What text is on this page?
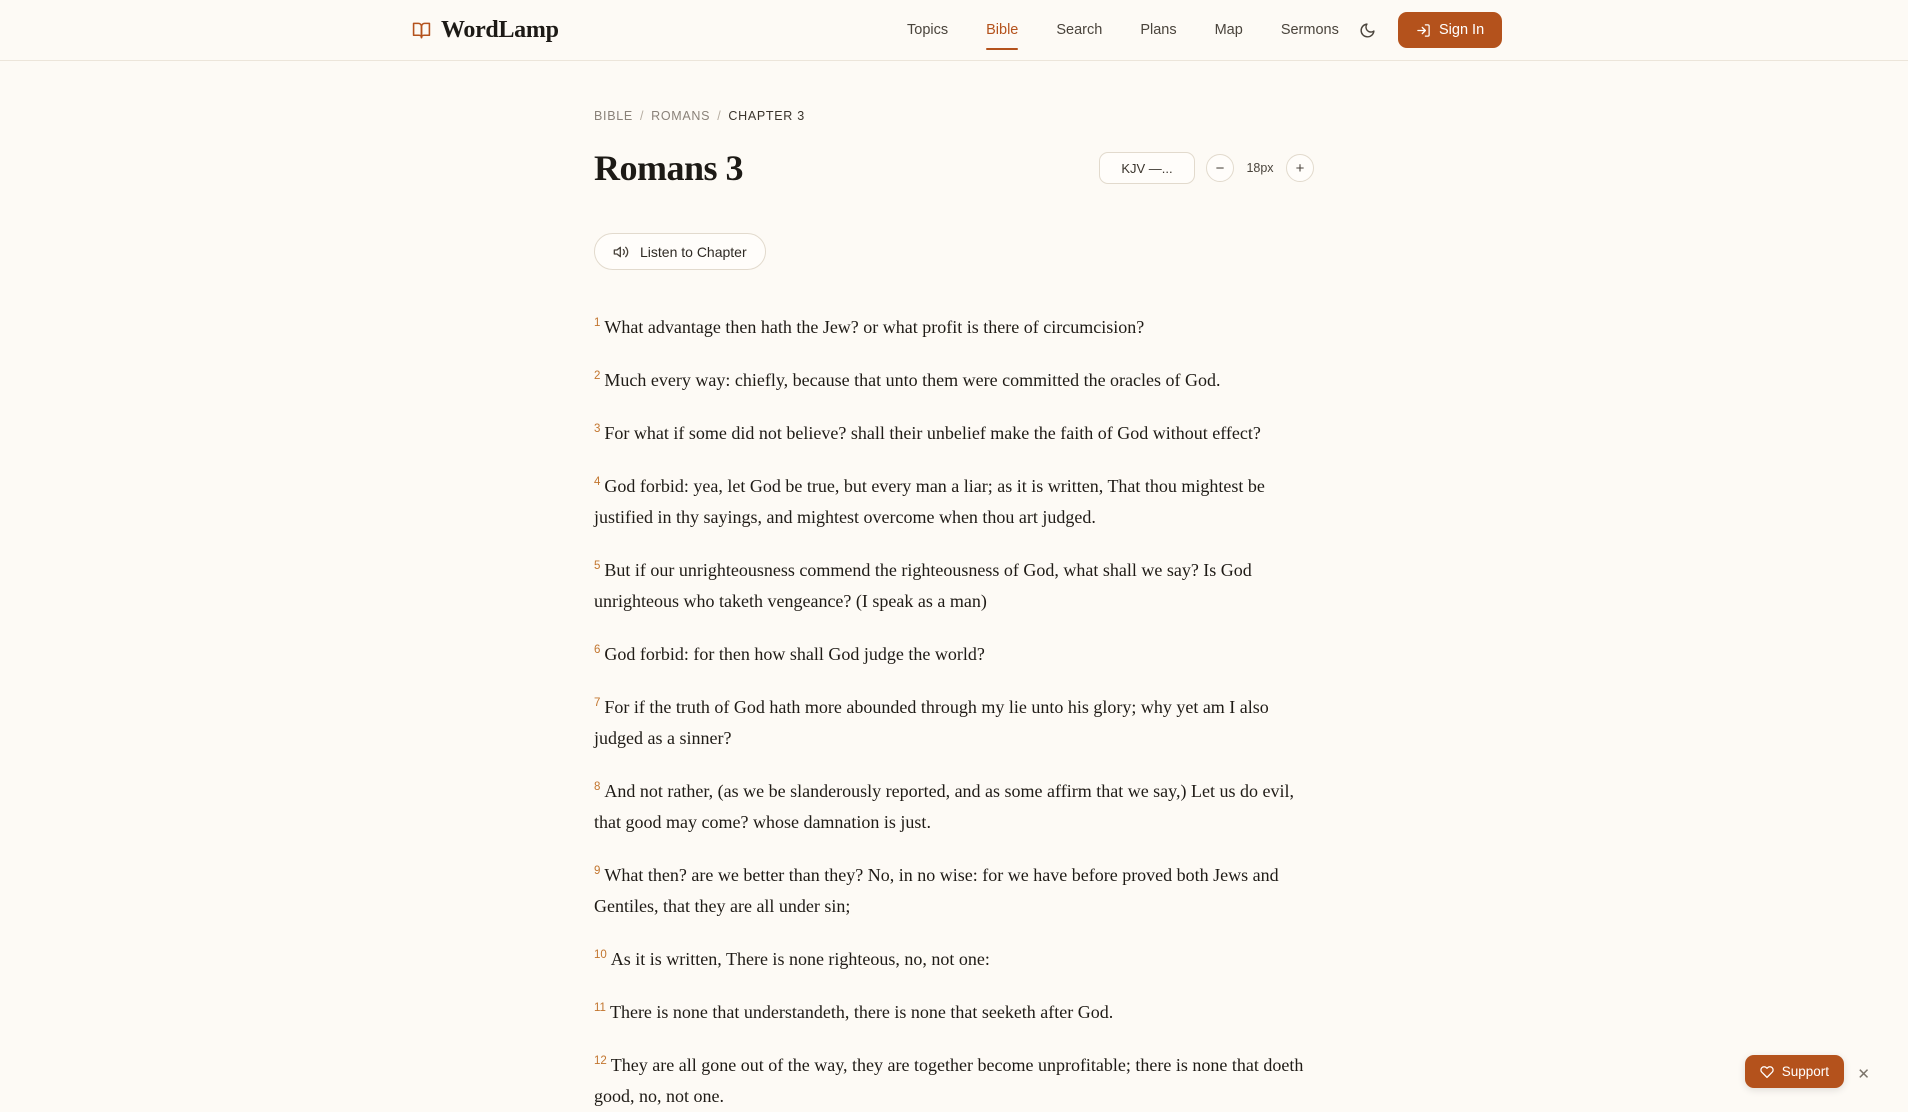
WordLamp	Topics	Bible	Search	Plans	Map	Sermons	Sign In
BIBLE / ROMANS / CHAPTER 3
Romans 3	KJV —...	−	18px	+
Listen to Chapter

$^1$ What advantage then hath the Jew? or what profit is there of circumcision?

$^2$ Much every way: chiefly, because that unto them were committed the oracles of God.

$^3$ For what if some did not believe? shall their unbelief make the faith of God without effect?

$^4$ God forbid: yea, let God be true, but every man a liar; as it is written, That thou mightest be justified in thy sayings, and mightest overcome when thou art judged.

$^5$ But if our unrighteousness commend the righteousness of God, what shall we say? Is God unrighteous who taketh vengeance? (I speak as a man)

$^6$ God forbid: for then how shall God judge the world?

$^7$ For if the truth of God hath more abounded through my lie unto his glory; why yet am I also judged as a sinner?

$^8$ And not rather, (as we be slanderously reported, and as some affirm that we say,) Let us do evil, that good may come? whose damnation is just.

$^9$ What then? are we better than they? No, in no wise: for we have before proved both Jews and Gentiles, that they are all under sin;

$^{10}$ As it is written, There is none righteous, no, not one:

$^{11}$ There is none that understandeth, there is none that seeketh after God.

$^{12}$ They are all gone out of the way, they are together become unprofitable; there is none that doeth good, no, not one.

Support ✕
